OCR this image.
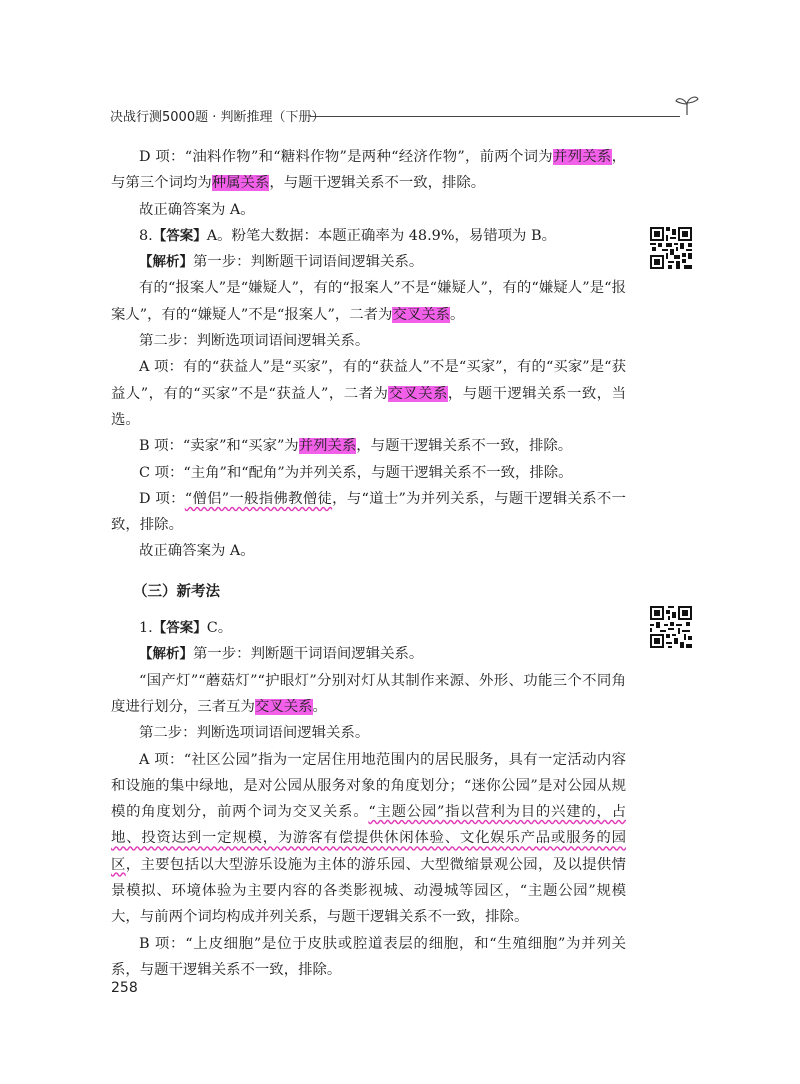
决战行测5000题 · 判断推理（下册）

D 项：“油料作物”和“糖料作物”是两种“经济作物”，前两个词为并列关系，与第三个词均为种属关系，与题干逻辑关系不一致，排除。

故正确答案为 A。

8.【答案】A。粉笔大数据：本题正确率为 48.9%，易错项为 B。

【解析】第一步：判断题干词语间逻辑关系。

有的“报案人”是“嫌疑人”，有的“报案人”不是“嫌疑人”，有的“嫌疑人”是“报案人”，有的“嫌疑人”不是“报案人”，二者为交叉关系。

第二步：判断选项词语间逻辑关系。

A 项：有的“获益人”是“买家”，有的“获益人”不是“买家”，有的“买家”是“获益人”，有的“买家”不是“获益人”，二者为交叉关系，与题干逻辑关系一致，当选。

B 项：“卖家”和“买家”为并列关系，与题干逻辑关系不一致，排除。

C 项：“主角”和“配角”为并列关系，与题干逻辑关系不一致，排除。

D 项：“僧侣”一般指佛教僧徒，与“道士”为并列关系，与题干逻辑关系不一致，排除。

故正确答案为 A。

（三）新考法

1.【答案】C。

【解析】第一步：判断题干词语间逻辑关系。

“国产灯”“蘑菇灯”“护眼灯”分别对灯从其制作来源、外形、功能三个不同角度进行划分，三者互为交叉关系。

第二步：判断选项词语间逻辑关系。

A 项：“社区公园”指为一定居住用地范围内的居民服务，具有一定活动内容和设施的集中绿地，是对公园从服务对象的角度划分；“迷你公园”是对公园从规模的角度划分，前两个词为交叉关系。“主题公园”指以营利为目的兴建的，占地、投资达到一定规模，为游客有偿提供休闲体验、文化娱乐产品或服务的园区，主要包括以大型游乐设施为主体的游乐园、大型微缩景观公园，及以提供情景模拟、环境体验为主要内容的各类影视城、动漫城等园区，“主题公园”规模大，与前两个词均构成并列关系，与题干逻辑关系不一致，排除。

B 项：“上皮细胞”是位于皮肤或腔道表层的细胞，和“生殖细胞”为并列关系，与题干逻辑关系不一致，排除。

258
